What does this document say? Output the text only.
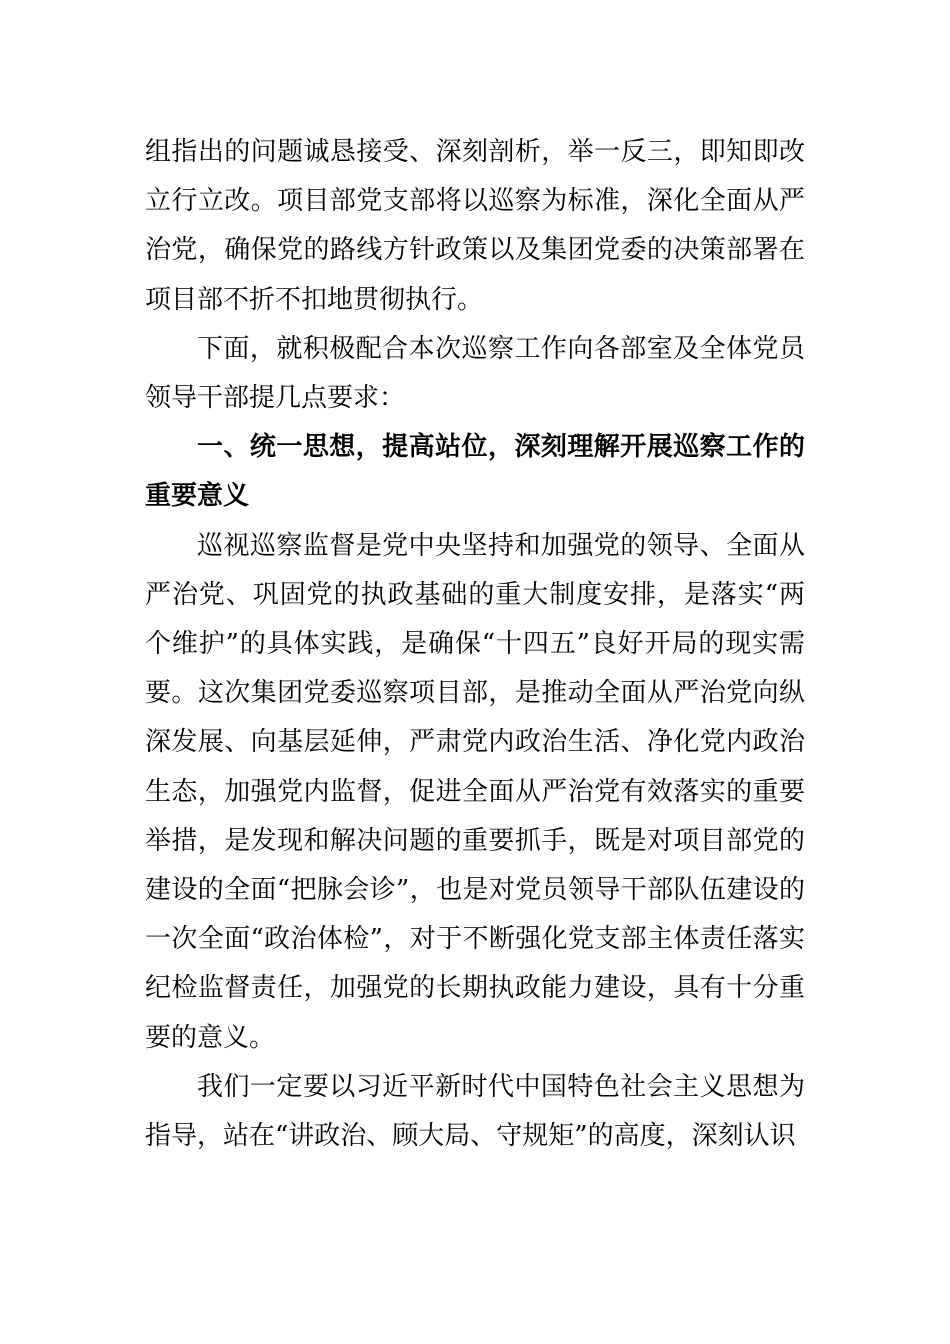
组指出的问题诚恳接受、深刻剖析，举一反三，即知即改立行立改。项目部党支部将以巡察为标准，深化全面从严治党，确保党的路线方针政策以及集团党委的决策部署在项目部不折不扣地贯彻执行。

下面，就积极配合本次巡察工作向各部室及全体党员领导干部提几点要求：

一、统一思想，提高站位，深刻理解开展巡察工作的重要意义

巡视巡察监督是党中央坚持和加强党的领导、全面从严治党、巩固党的执政基础的重大制度安排，是落实“两个维护”的具体实践，是确保“十四五”良好开局的现实需要。这次集团党委巡察项目部，是推动全面从严治党向纵深发展、向基层延伸，严肃党内政治生活、净化党内政治生态，加强党内监督，促进全面从严治党有效落实的重要举措，是发现和解决问题的重要抓手，既是对项目部党的建设的全面“把脉会诊”，也是对党员领导干部队伍建设的一次全面“政治体检”，对于不断强化党支部主体责任落实纪检监督责任，加强党的长期执政能力建设，具有十分重要的意义。

我们一定要以习近平新时代中国特色社会主义思想为指导，站在“讲政治、顾大局、守规矩”的高度，深刻认识
